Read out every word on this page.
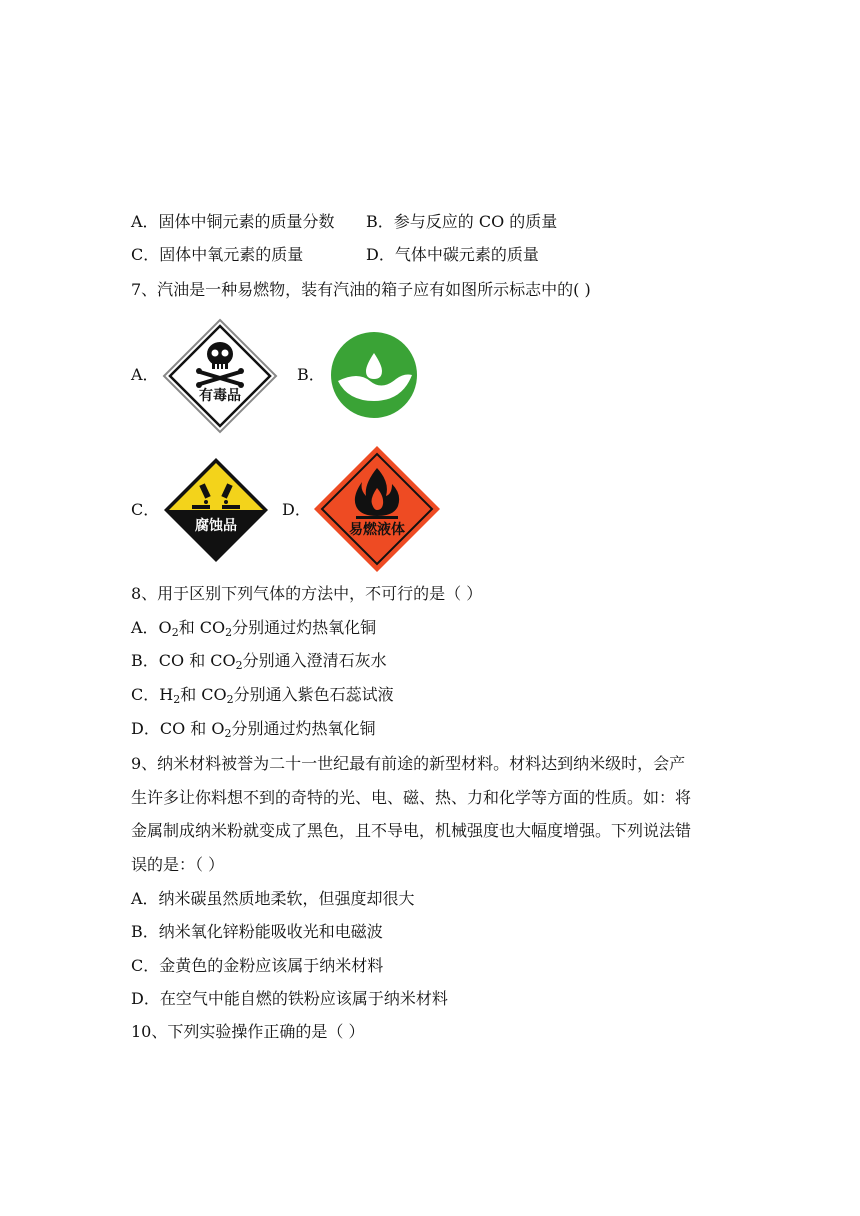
A．固体中铜元素的质量分数 B．参与反应的 CO 的质量
C．固体中氧元素的质量	D．气体中碳元素的质量
7、汽油是一种易燃物，装有汽油的箱子应有如图所示标志中的( )
A．
有毒品
B．
C．
腐蚀品
D．
易燃液体
8、用于区别下列气体的方法中，不可行的是（ ）
A．$O_2$和 $CO_2$分别通过灼热氧化铜
B．CO 和 $CO_2$分别通入澄清石灰水
C．$H_2$和 $CO_2$分别通入紫色石蕊试液
D．CO 和 $O_2$分别通过灼热氧化铜
9、纳米材料被誉为二十一世纪最有前途的新型材料。材料达到纳米级时，会产
生许多让你料想不到的奇特的光、电、磁、热、力和化学等方面的性质。如：将
金属制成纳米粉就变成了黑色，且不导电，机械强度也大幅度增强。下列说法错
误的是：（ ）
A．纳米碳虽然质地柔软，但强度却很大
B．纳米氧化锌粉能吸收光和电磁波
C．金黄色的金粉应该属于纳米材料
D．在空气中能自燃的铁粉应该属于纳米材料
10、下列实验操作正确的是（ ）
